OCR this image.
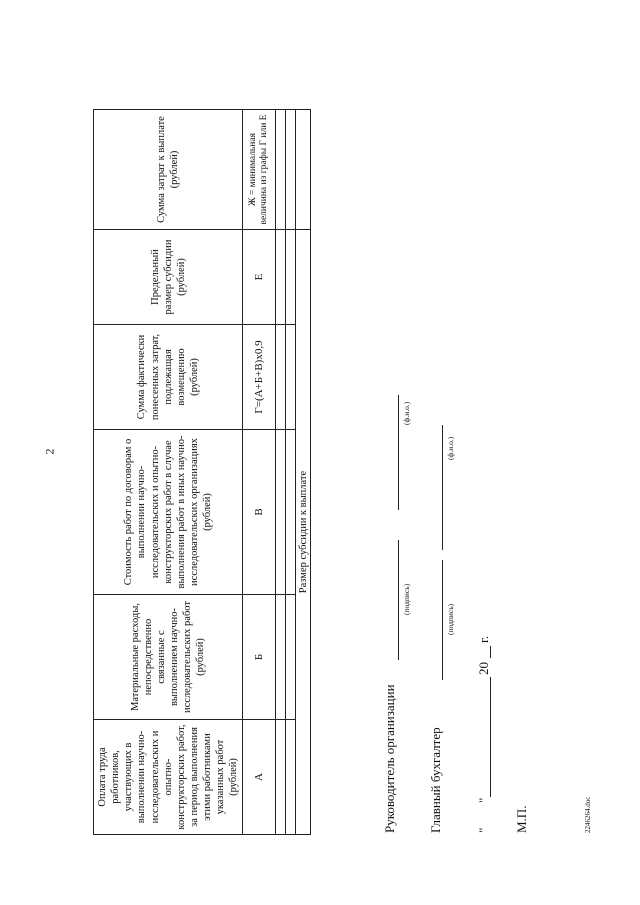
2
Оплата труда работников, участвующих в выполнении научно-исследовательских и опытно-конструкторских работ, за период выполнения этими работниками указанных работ (рублей)	Материальные расходы, непосредственно связанные с выполнением научно-исследовательских работ (рублей)	Стоимость работ по договорам о выполнении научно-исследовательских и опытно-конструкторских работ в случае выполнения работ в иных научно-исследовательских организациях (рублей)	Сумма фактически понесенных затрат, подлежащая возмещению (рублей)	Предельный размер субсидии (рублей)	Сумма затрат к выплате (рублей)
А	Б	В	Г=(А+Б+В)х0,9	Е	Ж = минимальная величина из графы Г или Е

Размер субсидии к выплате					
Руководитель организации
(подпись)
(ф.и.о.)
Главный бухгалтер
(подпись)
(ф.и.о.)
"
"
20
г.
М.П.	2246264.doc
